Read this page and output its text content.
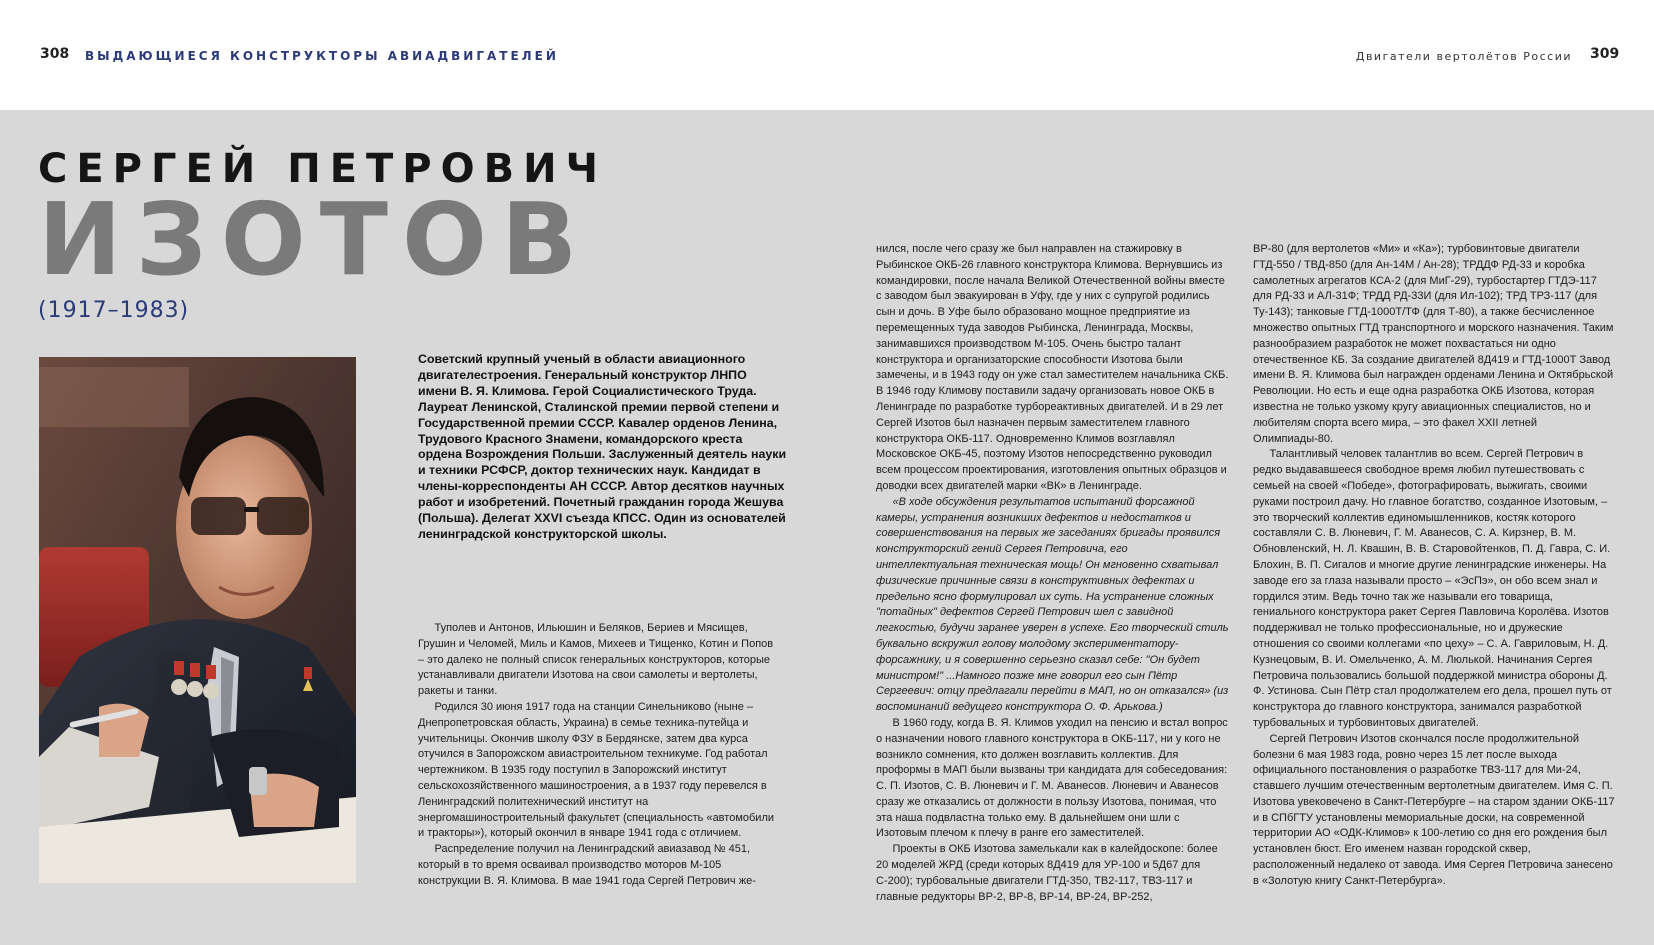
308 ВЫДАЮЩИЕСЯ КОНСТРУКТОРЫ АВИАДВИГАТЕЛЕЙ	Двигатели вертолётов России 309
СЕРГЕЙ ПЕТРОВИЧ
ИЗОТОВ
(1917–1983)
Советский крупный ученый в области авиационного двигателестроения. Генеральный конструктор ЛНПО имени В. Я. Климова. Герой Социалистического Труда. Лауреат Ленинской, Сталинской премии первой степени и Государственной премии СССР. Кавалер орденов Ленина, Трудового Красного Знамени, командорского креста ордена Возрождения Польши. Заслуженный деятель науки и техники РСФСР, доктор технических наук. Кандидат в члены-корреспонденты АН СССР. Автор десятков научных работ и изобретений. Почетный гражданин города Жешува (Польша). Делегат XXVI съезда КПСС. Один из основателей ленинградской конструкторской школы.

Туполев и Антонов, Ильюшин и Беляков, Бериев и Мясищев, Грушин и Челомей, Миль и Камов, Михеев и Тищенко, Котин и Попов – это далеко не полный список генеральных конструкторов, которые устанавливали двигатели Изотова на свои самолеты и вертолеты, ракеты и танки.

Родился 30 июня 1917 года на станции Синельниково (ныне – Днепропетровская область, Украина) в семье техника-путейца и учительницы. Окончив школу ФЗУ в Бердянске, затем два курса отучился в Запорожском авиастроительном техникуме. Год работал чертежником. В 1935 году поступил в Запорожский институт сельскохозяйственного машиностроения, а в 1937 году перевелся в Ленинградский политехнический институт на энергомашиностроительный факультет (специальность «автомобили и тракторы»), который окончил в январе 1941 года с отличием.

Распределение получил на Ленинградский авиазавод № 451, который в то время осваивал производство моторов М-105 конструкции В. Я. Климова. В мае 1941 года Сергей Петрович же-

нился, после чего сразу же был направлен на стажировку в Рыбинское ОКБ-26 главного конструктора Климова. Вернувшись из командировки, после начала Великой Отечественной войны вместе с заводом был эвакуирован в Уфу, где у них с супругой родились сын и дочь. В Уфе было образовано мощное предприятие из перемещенных туда заводов Рыбинска, Ленинграда, Москвы, занимавшихся производством М-105. Очень быстро талант конструктора и организаторские способности Изотова были замечены, и в 1943 году он уже стал заместителем начальника СКБ. В 1946 году Климову поставили задачу организовать новое ОКБ в Ленинграде по разработке турбореактивных двигателей. И в 29 лет Сергей Изотов был назначен первым заместителем главного конструктора ОКБ-117. Одновременно Климов возглавлял Московское ОКБ-45, поэтому Изотов непосредственно руководил всем процессом проектирования, изготовления опытных образцов и доводки всех двигателей марки «ВК» в Ленинграде.

«В ходе обсуждения результатов испытаний форсажной камеры, устранения возникших дефектов и недостатков и совершенствования на первых же заседаниях бригады проявился конструкторский гений Сергея Петровича, его интеллектуальная техническая мощь! Он мгновенно схватывал физические причинные связи в конструктивных дефектах и предельно ясно формулировал их суть. На устранение сложных "потайных" дефектов Сергей Петрович шел с завидной легкостью, будучи заранее уверен в успехе. Его творческий стиль буквально вскружил голову молодому экспериментатору-форсажнику, и я совершенно серьезно сказал себе: "Он будет министром!" ...Намного позже мне говорил его сын Пётр Сергеевич: отцу предлагали перейти в МАП, но он отказался» (из воспоминаний ведущего конструктора О. Ф. Арькова.)

В 1960 году, когда В. Я. Климов уходил на пенсию и встал вопрос о назначении нового главного конструктора в ОКБ-117, ни у кого не возникло сомнения, кто должен возглавить коллектив. Для проформы в МАП были вызваны три кандидата для собеседования: С. П. Изотов, С. В. Люневич и Г. М. Аванесов. Люневич и Аванесов сразу же отказались от должности в пользу Изотова, понимая, что эта наша подвластна только ему. В дальнейшем они шли с Изотовым плечом к плечу в ранге его заместителей.

Проекты в ОКБ Изотова замелькали как в калейдоскопе: более 20 моделей ЖРД (среди которых 8Д419 для УР-100 и 5Д67 для С-200); турбовальные двигатели ГТД-350, ТВ2-117, ТВЗ-117 и главные редукторы ВР-2, ВР-8, ВР-14, ВР-24, ВР-252,

ВР-80 (для вертолетов «Ми» и «Ка»); турбовинтовые двигатели ГТД-550 / ТВД-850 (для Ан-14М / Ан-28); ТРДДФ РД-33 и коробка самолетных агрегатов КСА-2 (для МиГ-29), турбостартер ГТДЭ-117 для РД-33 и АЛ-31Ф; ТРДД РД-33И (для Ил-102); ТРД ТРЗ-117 (для Ту-143); танковые ГТД-1000Т/ТФ (для Т-80), а также бесчисленное множество опытных ГТД транспортного и морского назначения. Таким разнообразием разработок не может похвастаться ни одно отечественное КБ. За создание двигателей 8Д419 и ГТД-1000Т Завод имени В. Я. Климова был награжден орденами Ленина и Октябрьской Революции. Но есть и еще одна разработка ОКБ Изотова, которая известна не только узкому кругу авиационных специалистов, но и любителям спорта всего мира, – это факел XXII летней Олимпиады-80.

Талантливый человек талантлив во всем. Сергей Петрович в редко выдававшееся свободное время любил путешествовать с семьей на своей «Победе», фотографировать, выжигать, своими руками построил дачу. Но главное богатство, созданное Изотовым, – это творческий коллектив единомышленников, костяк которого составляли С. В. Люневич, Г. М. Аванесов, С. А. Кирзнер, В. М. Обновленский, Н. Л. Квашин, В. В. Старовойтенков, П. Д. Гавра, С. И. Блохин, В. П. Сигалов и многие другие ленинградские инженеры. На заводе его за глаза называли просто – «ЭсПэ», он обо всем знал и гордился этим. Ведь точно так же называли его товарища, гениального конструктора ракет Сергея Павловича Королёва. Изотов поддерживал не только профессиональные, но и дружеские отношения со своими коллегами «по цеху» – С. А. Гавриловым, Н. Д. Кузнецовым, В. И. Омельченко, А. М. Люлькой. Начинания Сергея Петровича пользовались большой поддержкой министра обороны Д. Ф. Устинова. Сын Пётр стал продолжателем его дела, прошел путь от конструктора до главного конструктора, занимался разработкой турбовальных и турбовинтовых двигателей.

Сергей Петрович Изотов скончался после продолжительной болезни 6 мая 1983 года, ровно через 15 лет после выхода официального постановления о разработке ТВЗ-117 для Ми-24, ставшего лучшим отечественным вертолетным двигателем. Имя С. П. Изотова увековечено в Санкт-Петербурге – на старом здании ОКБ-117 и в СПбГТУ установлены мемориальные доски, на современной территории АО «ОДК-Климов» к 100-летию со дня его рождения был установлен бюст. Его именем назван городской сквер, расположенный недалеко от завода. Имя Сергея Петровича занесено в «Золотую книгу Санкт-Петербурга».
